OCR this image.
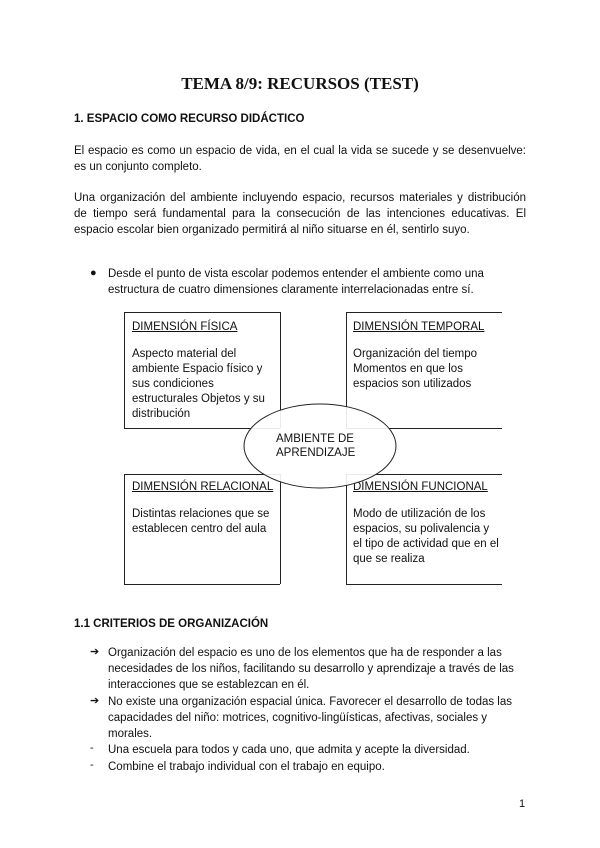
TEMA 8/9: RECURSOS (TEST)
1. ESPACIO COMO RECURSO DIDÁCTICO
El espacio es como un espacio de vida, en el cual la vida se sucede y se desenvuelve: es un conjunto completo.
Una organización del ambiente incluyendo espacio, recursos materiales y distribución de tiempo será fundamental para la consecución de las intenciones educativas. El espacio escolar bien organizado permitirá al niño situarse en él, sentirlo suyo.
● Desde el punto de vista escolar podemos entender el ambiente como una estructura de cuatro dimensiones claramente interrelacionadas entre sí.
DIMENSIÓN FÍSICA
Aspecto material del ambiente Espacio físico y sus condiciones estructurales Objetos y su distribución
DIMENSIÓN TEMPORAL
Organización del tiempo Momentos en que los espacios son utilizados
DIMENSIÓN RELACIONAL
Distintas relaciones que se establecen centro del aula
DIMENSIÓN FUNCIONAL
Modo de utilización de los espacios, su polivalencia y el tipo de actividad que en el que se realiza
AMBIENTE DE APRENDIZAJE
1.1 CRITERIOS DE ORGANIZACIÓN
➔ Organización del espacio es uno de los elementos que ha de responder a las necesidades de los niños, facilitando su desarrollo y aprendizaje a través de las interacciones que se establezcan en él.
➔ No existe una organización espacial única. Favorecer el desarrollo de todas las capacidades del niño: motrices, cognitivo-lingüísticas, afectivas, sociales y morales.
- Una escuela para todos y cada uno, que admita y acepte la diversidad.
- Combine el trabajo individual con el trabajo en equipo.
1
